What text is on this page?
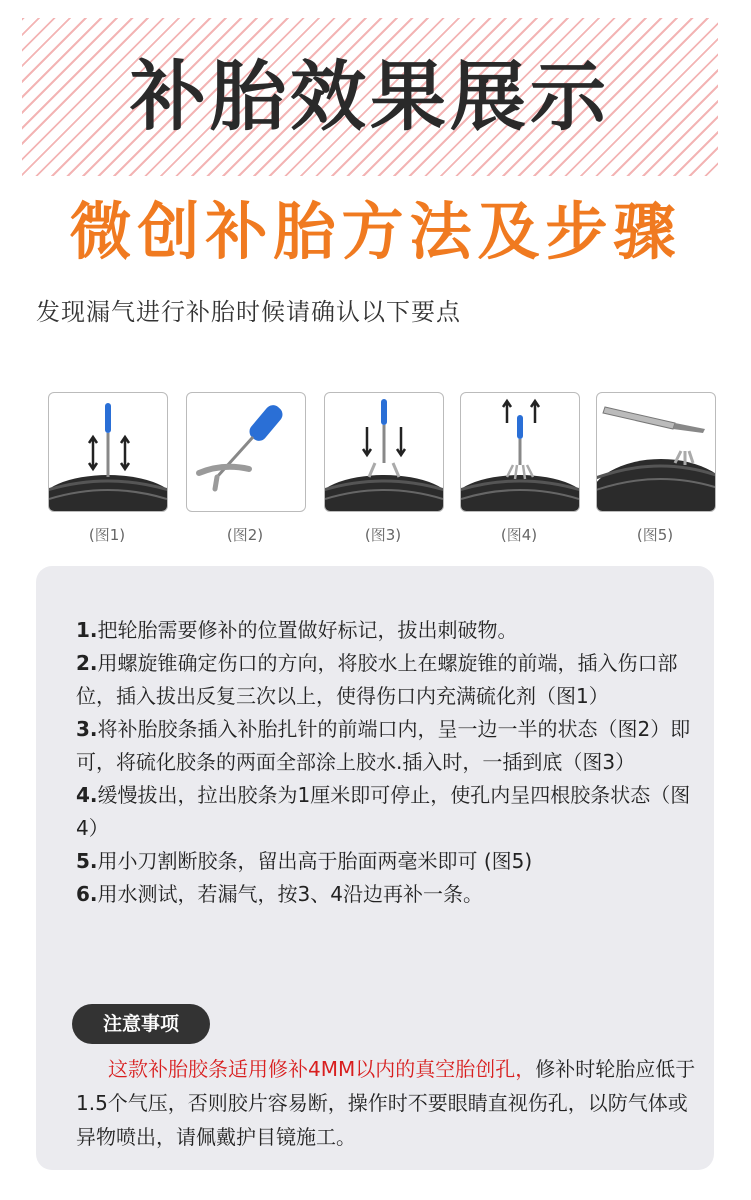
补胎效果展示
微创补胎方法及步骤
发现漏气进行补胎时候请确认以下要点
(图1)	(图2)	(图3)	(图4)	(图5)

1.把轮胎需要修补的位置做好标记，拔出刺破物。

2.用螺旋锥确定伤口的方向，将胶水上在螺旋锥的前端，插入伤口部位，插入拔出反复三次以上，使得伤口内充满硫化剂（图1）

3.将补胎胶条插入补胎扎针的前端口内，呈一边一半的状态（图2）即可，将硫化胶条的两面全部涂上胶水.插入时，一插到底（图3）

4.缓慢拔出，拉出胶条为1厘米即可停止，使孔内呈四根胶条状态（图4）

5.用小刀割断胶条，留出高于胎面两毫米即可 (图5)

6.用水测试，若漏气，按3、4沿边再补一条。

注意事项
这款补胎胶条适用修补4MM以内的真空胎创孔，修补时轮胎应低于1.5个气压，否则胶片容易断，操作时不要眼睛直视伤孔，以防气体或异物喷出，请佩戴护目镜施工。
